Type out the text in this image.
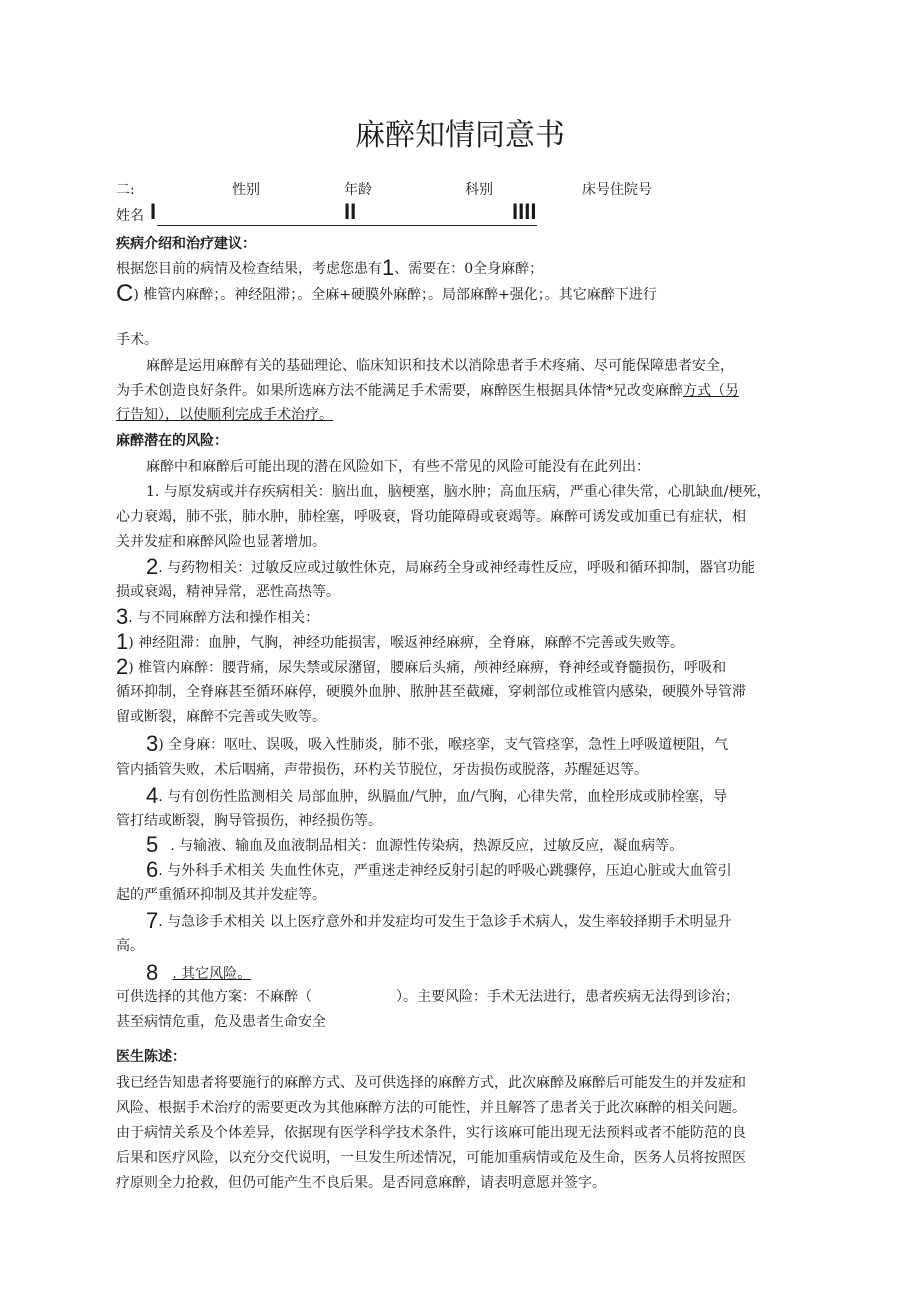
麻醉知情同意书
二:	性别	年龄	科别	床号住院号
姓名 I	II	IIII
疾病介绍和治疗建议：
根据您目前的病情及检查结果，考虑您患有1、需要在：0全身麻醉；
C) 椎管内麻醉；。神经阻滞；。全麻+硬膜外麻醉；。局部麻醉+强化；。其它麻醉下进行
手术。
麻醉是运用麻醉有关的基础理论、临床知识和技术以消除患者手术疼痛、尽可能保障患者安全，
为手术创造良好条件。如果所选麻方法不能满足手术需要，麻醉医生根据具体情*兄改变麻醉方式（另
行告知），以使顺利完成手术治疗。
麻醉潜在的风险：
麻醉中和麻醉后可能出现的潜在风险如下，有些不常见的风险可能没有在此列出：
1. 与原发病或并存疾病相关：脑出血，脑梗塞，脑水肿；高血压病，严重心律失常，心肌缺血/梗死，
心力衰竭，肺不张，肺水肿，肺栓塞，呼吸衰，肾功能障碍或衰竭等。麻醉可诱发或加重已有症状，相
关并发症和麻醉风险也显著增加。
2. 与药物相关：过敏反应或过敏性休克，局麻药全身或神经毒性反应，呼吸和循环抑制，器官功能
损或衰竭，精神异常，恶性高热等。
3. 与不同麻醉方法和操作相关：
1) 神经阻滞：血肿，气胸，神经功能损害，喉返神经麻痹，全脊麻，麻醉不完善或失败等。
2) 椎管内麻醉：腰背痛，尿失禁或尿潴留，腰麻后头痛，颅神经麻痹，脊神经或脊髓损伤，呼吸和
循环抑制，全脊麻甚至循环麻停，硬膜外血肿、脓肿甚至截瘫，穿刺部位或椎管内感染，硬膜外导管滞
留或断裂，麻醉不完善或失败等。
3) 全身麻：呕吐、误吸，吸入性肺炎，肺不张，喉痉挛，支气管痉挛，急性上呼吸道梗阻，气
管内插管失败，术后咽痛，声带损伤，环杓关节脱位，牙齿损伤或脱落，苏醒延迟等。
4. 与有创伤性监测相关 局部血肿，纵膈血/气肿，血/气胸，心律失常，血栓形成或肺栓塞，导
管打结或断裂，胸导管损伤，神经损伤等。
5 . 与输液、输血及血液制品相关：血源性传染病，热源反应，过敏反应，凝血病等。
6. 与外科手术相关 失血性休克，严重迷走神经反射引起的呼吸心跳骤停，压迫心脏或大血管引
起的严重循环抑制及其并发症等。
7. 与急诊手术相关 以上医疗意外和并发症均可发生于急诊手术病人，发生率较择期手术明显升
高。
8 . 其它风险。
可供选择的其他方案：不麻醉（	）。主要风险：手术无法进行，患者疾病无法得到诊治；
甚至病情危重，危及患者生命安全
医生陈述：
我已经告知患者将要施行的麻醉方式、及可供选择的麻醉方式，此次麻醉及麻醉后可能发生的并发症和
风险、根据手术治疗的需要更改为其他麻醉方法的可能性，并且解答了患者关于此次麻醉的相关问题。
由于病情关系及个体差异，依据现有医学科学技术条件，实行该麻可能出现无法预料或者不能防范的良
后果和医疗风险，以充分交代说明，一旦发生所述情况，可能加重病情或危及生命，医务人员将按照医
疗原则全力抢救，但仍可能产生不良后果。是否同意麻醉，请表明意愿并签字。
